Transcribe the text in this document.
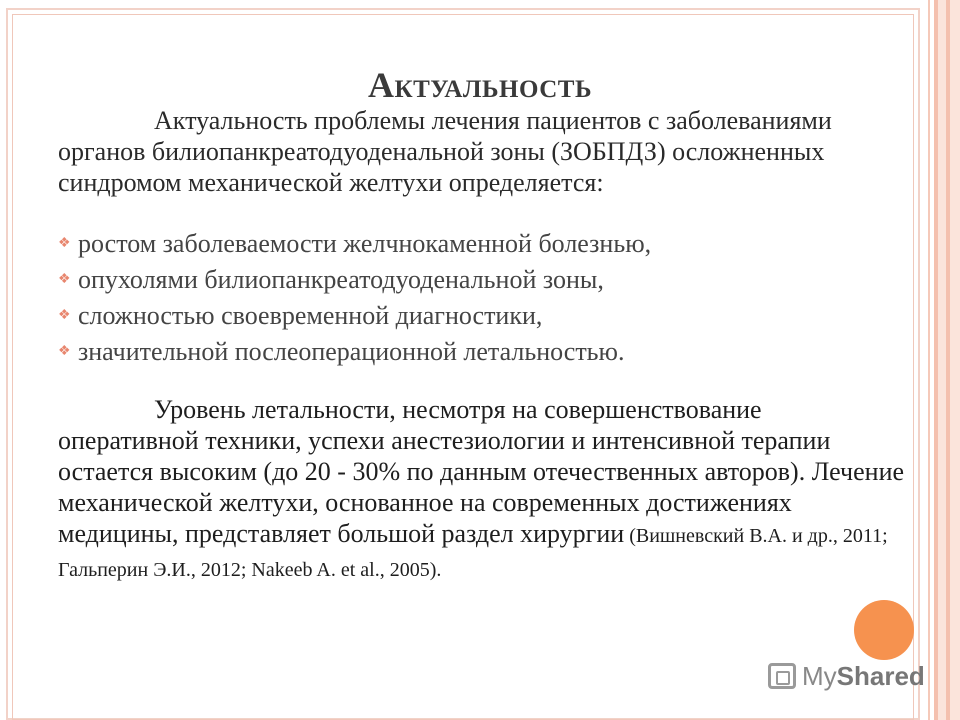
Актуальность
Актуальность проблемы лечения пациентов с заболеваниями органов билиопанкреатодуоденальной зоны (ЗОБПДЗ) осложненных синдромом механической желтухи определяется:
❖ ростом заболеваемости желчнокаменной болезнью,
❖ опухолями билиопанкреатодуоденальной зоны,
❖ сложностью своевременной диагностики,
❖ значительной послеоперационной летальностью.
Уровень летальности, несмотря на совершенствование оперативной техники, успехи анестезиологии и интенсивной терапии остается высоким (до 20 - 30% по данным отечественных авторов). Лечение механической желтухи, основанное на современных достижениях медицины, представляет большой раздел хирургии (Вишневский В.А. и др., 2011; Гальперин Э.И., 2012; Nakeeb A. et al., 2005).
MyShared
